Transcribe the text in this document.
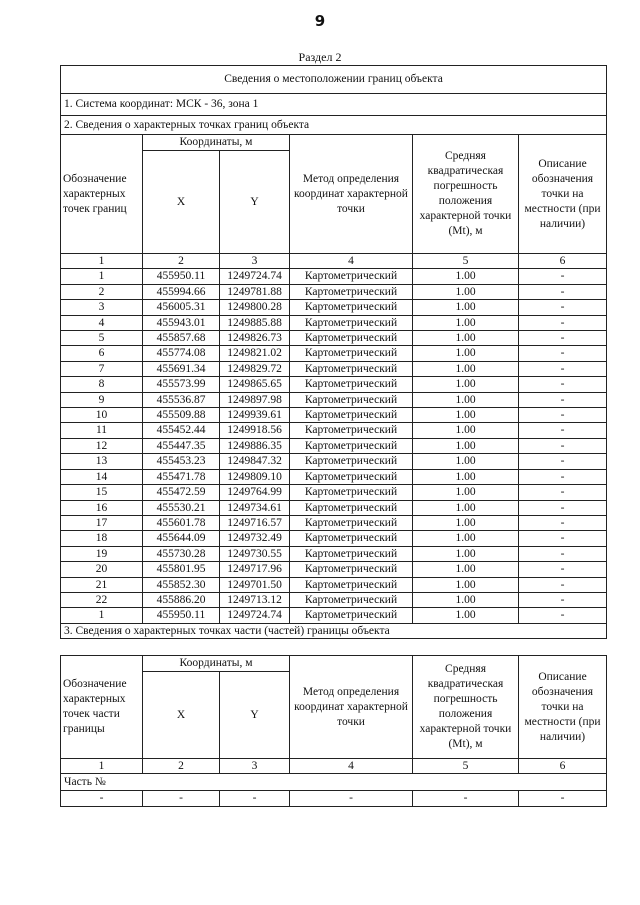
9
Раздел 2
Сведения о местоположении границ объекта					
1. Система координат: МСК - 36, зона 1					
2. Сведения о характерных точках границ объекта					
Обозначение характерных точек границ	Координаты, м		Метод определения координат характерной точки	Средняя квадратическая погрешность положения характерной точки (Mt), м	Описание обозначения точки на местности (при наличии)
	X	Y			
1	2	3	4	5	6
1	455950.11	1249724.74	Картометрический	1.00	-
2	455994.66	1249781.88	Картометрический	1.00	-
3	456005.31	1249800.28	Картометрический	1.00	-
4	455943.01	1249885.88	Картометрический	1.00	-
5	455857.68	1249826.73	Картометрический	1.00	-
6	455774.08	1249821.02	Картометрический	1.00	-
7	455691.34	1249829.72	Картометрический	1.00	-
8	455573.99	1249865.65	Картометрический	1.00	-
9	455536.87	1249897.98	Картометрический	1.00	-
10	455509.88	1249939.61	Картометрический	1.00	-
11	455452.44	1249918.56	Картометрический	1.00	-
12	455447.35	1249886.35	Картометрический	1.00	-
13	455453.23	1249847.32	Картометрический	1.00	-
14	455471.78	1249809.10	Картометрический	1.00	-
15	455472.59	1249764.99	Картометрический	1.00	-
16	455530.21	1249734.61	Картометрический	1.00	-
17	455601.78	1249716.57	Картометрический	1.00	-
18	455644.09	1249732.49	Картометрический	1.00	-
19	455730.28	1249730.55	Картометрический	1.00	-
20	455801.95	1249717.96	Картометрический	1.00	-
21	455852.30	1249701.50	Картометрический	1.00	-
22	455886.20	1249713.12	Картометрический	1.00	-
1	455950.11	1249724.74	Картометрический	1.00	-
3. Сведения о характерных точках части (частей) границы объекта					
Обозначение характерных точек части границы	Координаты, м		Метод определения координат характерной точки	Средняя квадратическая погрешность положения характерной точки (Mt), м	Описание обозначения точки на местности (при наличии)
	X	Y			
1	2	3	4	5	6
Часть №					
-	-	-	-	-	-
